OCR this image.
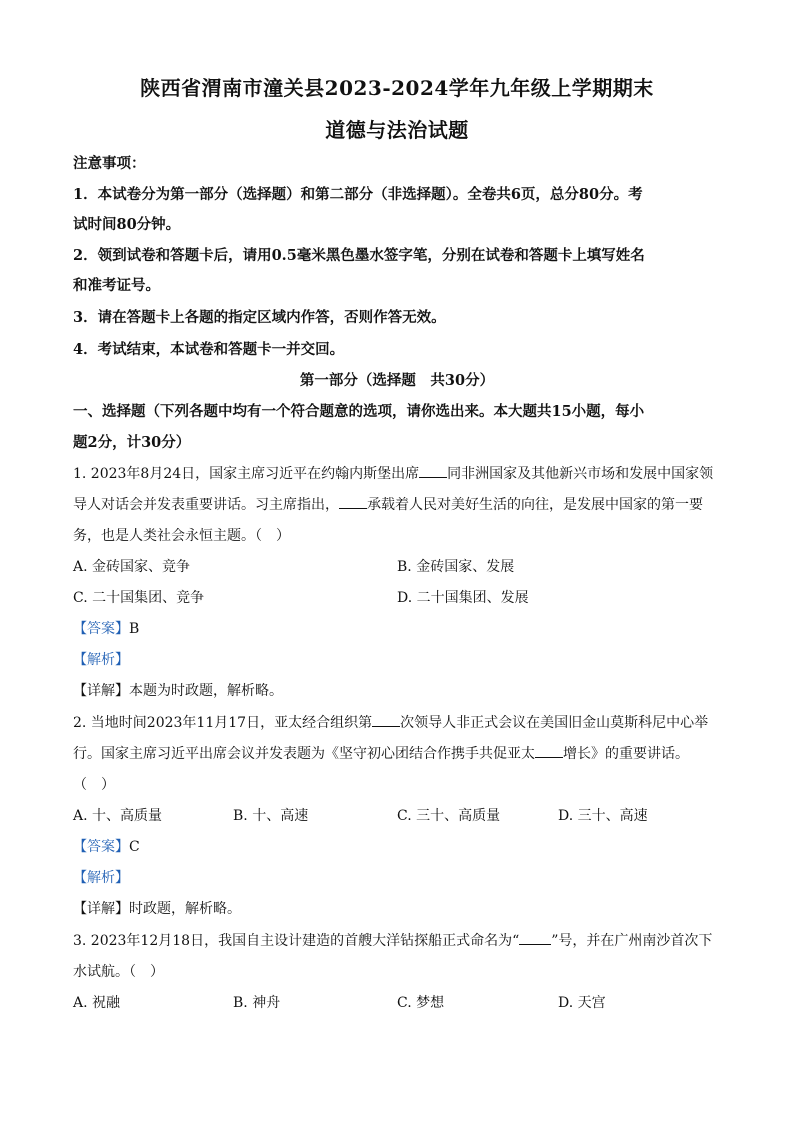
陕西省渭南市潼关县2023-2024学年九年级上学期期末
道德与法治试题
注意事项：
1．本试卷分为第一部分（选择题）和第二部分（非选择题）。全卷共6页，总分80分。考
试时间80分钟。
2．领到试卷和答题卡后，请用0.5毫米黑色墨水签字笔，分别在试卷和答题卡上填写姓名
和准考证号。
3．请在答题卡上各题的指定区域内作答，否则作答无效。
4．考试结束，本试卷和答题卡一并交回。
第一部分（选择题　共30分）
一、选择题（下列各题中均有一个符合题意的选项，请你选出来。本大题共15小题，每小
题2分，计30分）
1. 2023年8月24日，国家主席习近平在约翰内斯堡出席 同非洲国家及其他新兴市场和发展中国家领
导人对话会并发表重要讲话。习主席指出， 承载着人民对美好生活的向往，是发展中国家的第一要
务，也是人类社会永恒主题。（　）
A. 金砖国家、竞争	B. 金砖国家、发展
C. 二十国集团、竞争	D. 二十国集团、发展
【答案】B
【解析】
【详解】本题为时政题，解析略。
2. 当地时间2023年11月17日，亚太经合组织第 次领导人非正式会议在美国旧金山莫斯科尼中心举
行。国家主席习近平出席会议并发表题为《坚守初心团结合作携手共促亚太 增长》的重要讲话。
（　）
A. 十、高质量	B. 十、高速	C. 三十、高质量	D. 三十、高速
【答案】C
【解析】
【详解】时政题，解析略。
3. 2023年12月18日，我国自主设计建造的首艘大洋钻探船正式命名为“ ”号，并在广州南沙首次下
水试航。（　）
A. 祝融	B. 神舟	C. 梦想	D. 天宫
